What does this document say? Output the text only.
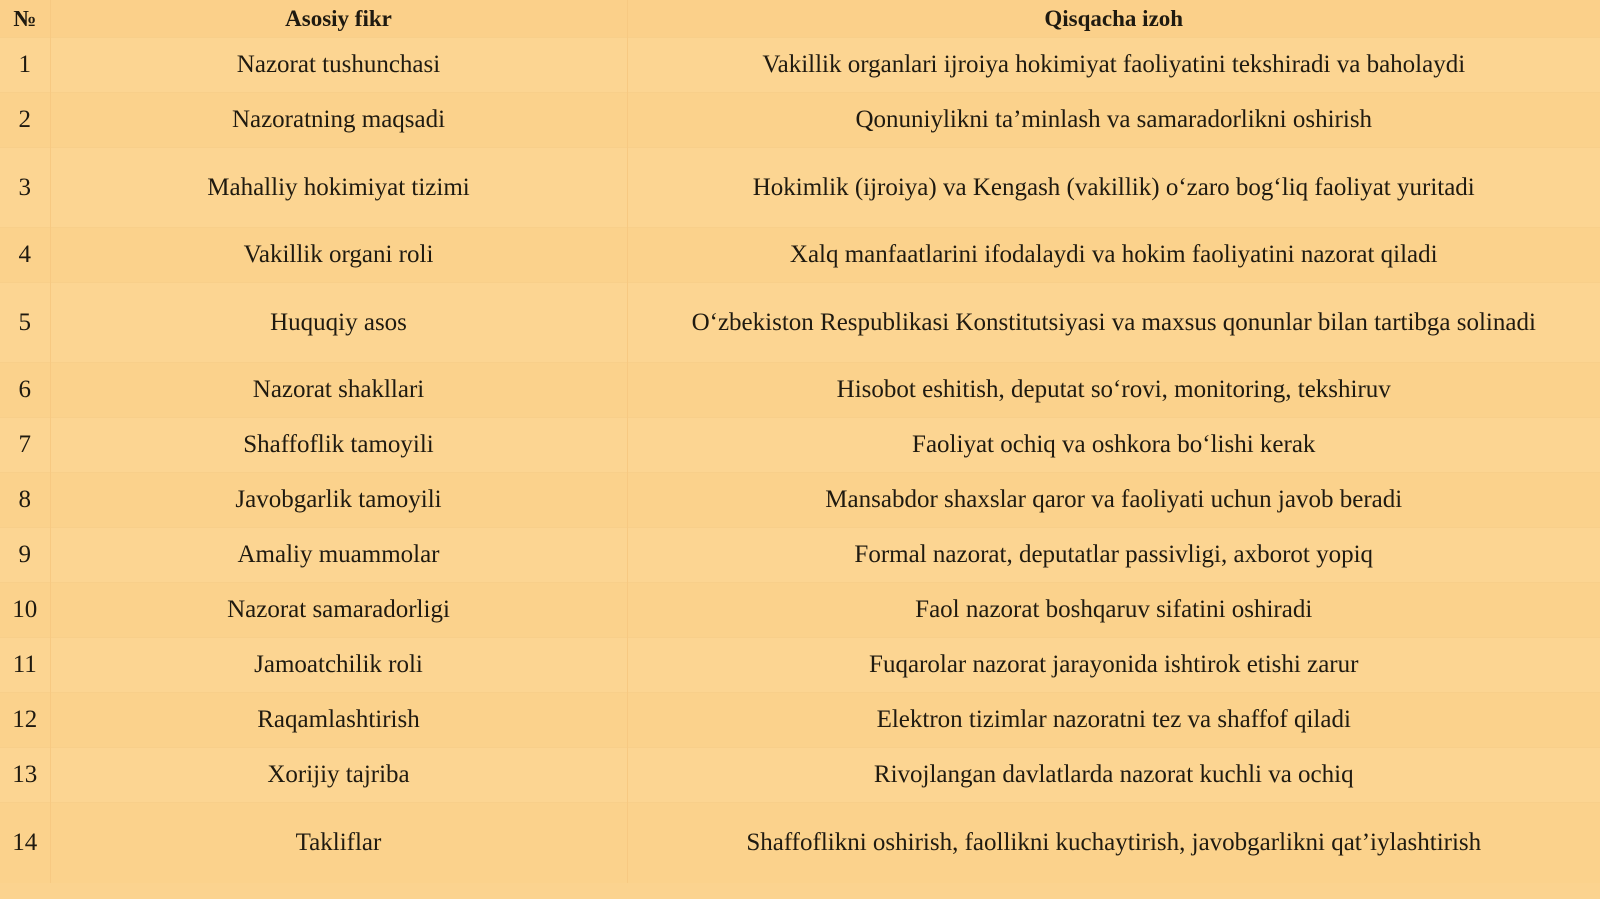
№	Asosiy fikr	Qisqacha izoh
1	Nazorat tushunchasi	Vakillik organlari ijroiya hokimiyat faoliyatini tekshiradi va baholaydi
2	Nazoratning maqsadi	Qonuniylikni ta’minlash va samaradorlikni oshirish
3	Mahalliy hokimiyat tizimi	Hokimlik (ijroiya) va Kengash (vakillik) o‘zaro bog‘liq faoliyat yuritadi
4	Vakillik organi roli	Xalq manfaatlarini ifodalaydi va hokim faoliyatini nazorat qiladi
5	Huquqiy asos	O‘zbekiston Respublikasi Konstitutsiyasi va maxsus qonunlar bilan tartibga solinadi
6	Nazorat shakllari	Hisobot eshitish, deputat so‘rovi, monitoring, tekshiruv
7	Shaffoflik tamoyili	Faoliyat ochiq va oshkora bo‘lishi kerak
8	Javobgarlik tamoyili	Mansabdor shaxslar qaror va faoliyati uchun javob beradi
9	Amaliy muammolar	Formal nazorat, deputatlar passivligi, axborot yopiq
10	Nazorat samaradorligi	Faol nazorat boshqaruv sifatini oshiradi
11	Jamoatchilik roli	Fuqarolar nazorat jarayonida ishtirok etishi zarur
12	Raqamlashtirish	Elektron tizimlar nazoratni tez va shaffof qiladi
13	Xorijiy tajriba	Rivojlangan davlatlarda nazorat kuchli va ochiq
14	Takliflar	Shaffoflikni oshirish, faollikni kuchaytirish, javobgarlikni qat’iylashtirish
